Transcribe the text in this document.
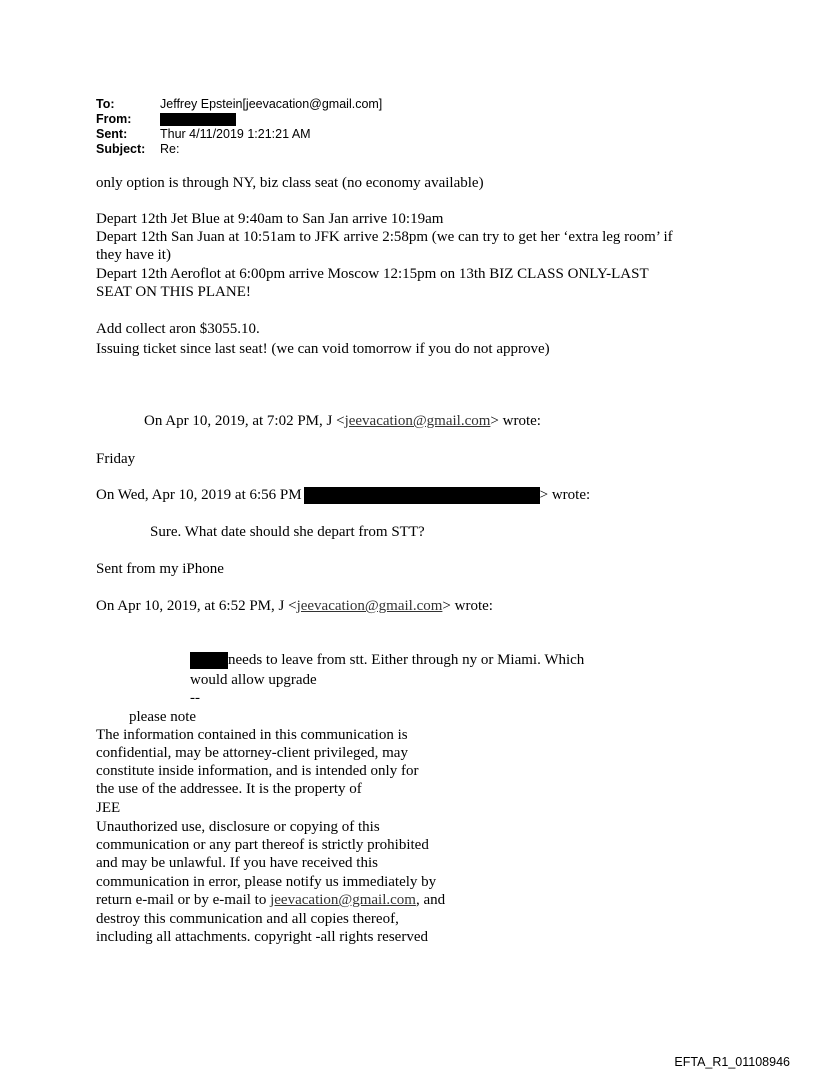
To:	Jeffrey Epstein[jeevacation@gmail.com]
From:
Sent:	Thur 4/11/2019 1:21:21 AM
Subject: Re:
only option is through NY, biz class seat (no economy available)
Depart 12th Jet Blue at 9:40am to San Jan arrive 10:19am
Depart 12th San Juan at 10:51am to JFK arrive 2:58pm (we can try to get her ‘extra leg room’ if
they have it)
Depart 12th Aeroflot at 6:00pm arrive Moscow 12:15pm on 13th BIZ CLASS ONLY-LAST
SEAT ON THIS PLANE!
Add collect aron $3055.10.
Issuing ticket since last seat! (we can void tomorrow if you do not approve)
On Apr 10, 2019, at 7:02 PM, J <jeevacation@gmail.com> wrote:
Friday
On Wed, Apr 10, 2019 at 6:56 PM	> wrote:
Sure. What date should she depart from STT?
Sent from my iPhone
On Apr 10, 2019, at 6:52 PM, J <jeevacation@gmail.com> wrote:
needs to leave from stt. Either through ny or Miami. Which
would allow upgrade
--
please note
The information contained in this communication is
confidential, may be attorney-client privileged, may
constitute inside information, and is intended only for
the use of the addressee. It is the property of
JEE
Unauthorized use, disclosure or copying of this
communication or any part thereof is strictly prohibited
and may be unlawful. If you have received this
communication in error, please notify us immediately by
return e-mail or by e-mail to jeevacation@gmail.com, and
destroy this communication and all copies thereof,
including all attachments. copyright -all rights reserved
EFTA_R1_01108946
